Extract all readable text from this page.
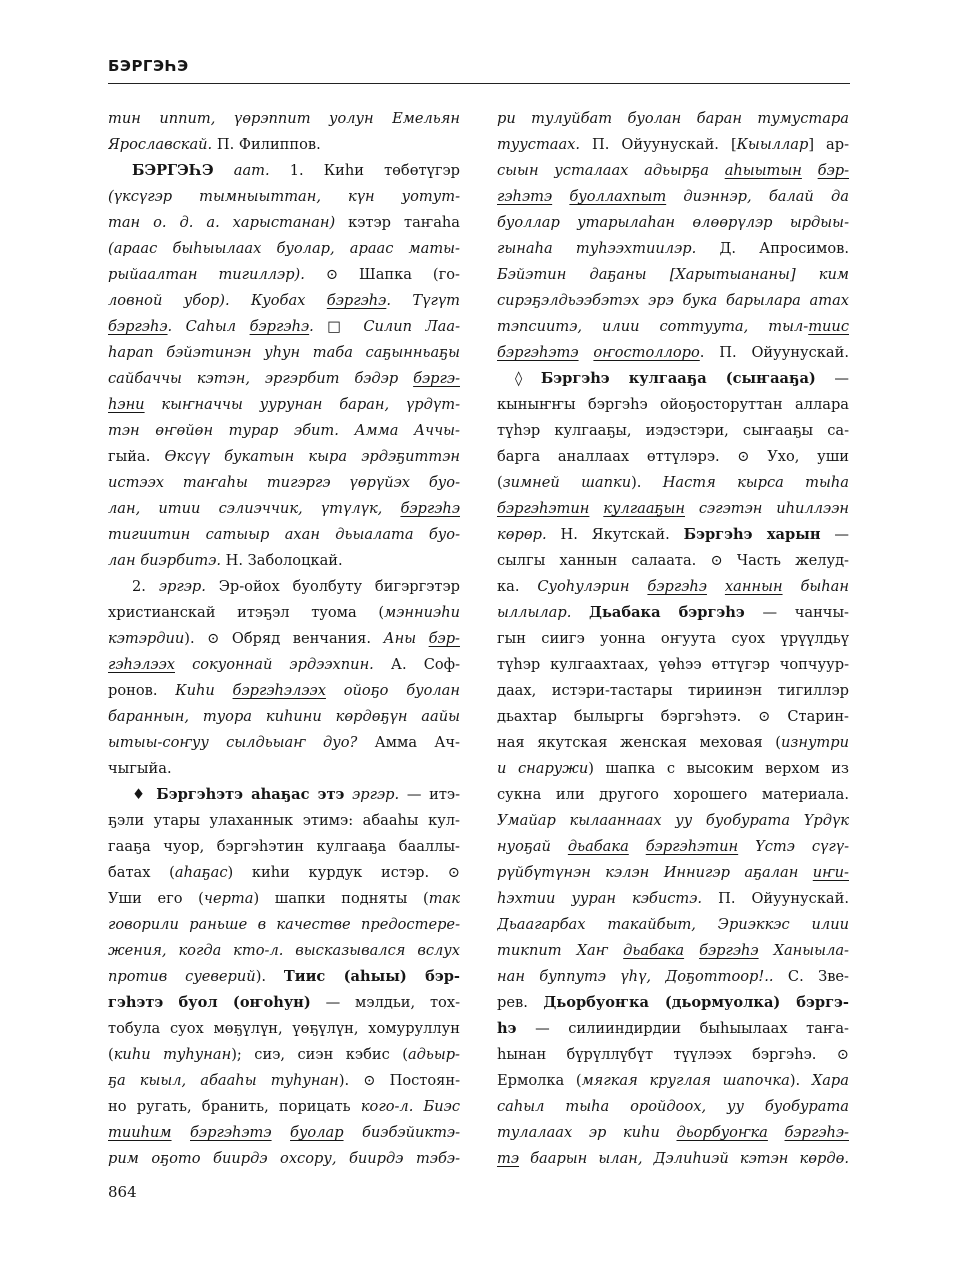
БЭРГЭҺЭ
тин иппит, үөрэппит уолун Емельян
Ярославскай. П. Филиппов.
БЭРГЭҺЭ аат. 1. Киһи төбөтүгэр
(үксүгэр тымныыттан, күн уотут-
тан о. д. а. харыстанан) кэтэр таҥаһа
(араас быһыылаах буолар, араас маты-
рыйаалтан тигиллэр). ⊙ Шапка (го-
ловной убор). Куобах бэргэһэ. Түгүт
бэргэһэ. Саһыл бэргэһэ. □ Силип Лаа-
һарап бэйэтинэн уһун таба саҕынньаҕы
сайбаччы кэтэн, эргэрбит бэдэр бэргэ-
һэни кыҥначчы уурунан баран, үрдүт-
тэн өҥөйөн турар эбит. Амма Аччы-
гыйа. Өксүү букатын кыра эрдэҕиттэн
истээх таҥаһы тигэргэ үөрүйэх буо-
лан, итии сэлиэччик, үтүлүк, бэргэһэ
тигиитин сатыыр ахан дьыалата буо-
лан биэрбитэ. Н. Заболоцкай.
2. эргэр. Эр-ойох буолбуту бигэргэтэр
христианскай итэҕэл туома (мэнниэһи
кэтэрдии). ⊙ Обряд венчания. Аны бэр-
гэһэлээх сокуоннай эрдээхпин. А. Соф-
ронов. Киһи бэргэһэлээх ойоҕо буолан
бараннын, туора киһини көрдөҕүн аайы
ытыы-соҥуу сылдьыаҥ дуо? Амма Ач-
чыгыйа.
♦ Бэргэһэтэ аһаҕас этэ эргэр. — итэ-
ҕэли утары улаханнык этимэ: абааһы кул-
гааҕа чуор, бэргэһэтин кулгааҕа бааллы-
батах (аһаҕас) киһи курдук истэр. ⊙
Уши его (черта) шапки подняты (так
говорили раньше в качестве предостере-
жения, когда кто-л. высказывался вслух
против суеверий). Тиис (аһыы) бэр-
гэһэтэ буол (оҥоһун) — мэлдьи, тох-
тобула суох мөҕүлүн, үөҕүлүн, хомуруллун
(киһи туһунан); сиэ, сиэн кэбис (адьыр-
ҕа кыыл, абааһы туһунан). ⊙ Постоян-
но ругать, бранить, порицать кого-л. Биэс
тииһим бэргэһэтэ буолар биэбэйиктэ-
рим оҕото биирдэ охсору, биирдэ тэбэ-
ри тулуйбат буолан баран тумустара
туустаах. П. Ойуунускай. [Кыыллар] ар-
сыын усталаах адьырҕа аһыытын бэр-
гэһэтэ буоллахпыт диэннэр, балай да
буоллар утарылаһан өлөөрүлэр ырдыы-
гынаһа туһээхтиилэр. Д. Апросимов.
Бэйэтин даҕаны [Харытыананы] ким
сирэҕэлдьээбэтэх эрэ бука барылара атах
тэпсиитэ, илии соттуута, тыл-тиис
бэргэһэтэ оҥостоллоро. П. Ойуунускай.
◊ Бэргэһэ кулгааҕа (сыҥааҕа) —
кыныҥҥы бэргэһэ ойоҕосторуттан аллара
түһэр кулгааҕы, иэдэстэри, сыҥааҕы са-
барга аналлаах өттүлэрэ. ⊙ Ухо, уши
(зимней шапки). Настя кырса тыһа
бэргэһэтин кулгааҕын сэгэтэн иһиллээн
көрөр. Н. Якутскай. Бэргэһэ харын —
сылгы ханнын салаата. ⊙ Часть желуд-
ка. Суоһулэрин бэргэһэ ханнын быһан
ыллылар. Дьабака бэргэһэ — чанчы-
гын сиигэ уонна оҥуута суох үрүүлдьү
түһэр кулгаахтаах, үөһээ өттүгэр чопчуур-
даах, истэри-тастары тириинэн тигиллэр
дьахтар былыргы бэргэһэтэ. ⊙ Старин-
ная якутская женская меховая (изнутри
и снаружи) шапка с высоким верхом из
сукна или другого хорошего материала.
Умайар кылааннаах уу буобурата Үрдүк
нуоҕай дьабака бэргэһэтин Үстэ сүгү-
рүйбүтүнэн кэлэн Иннигэр аҕалан иҥи-
һэхтии ууран кэбистэ. П. Ойуунускай.
Дьаагарбах такайбыт, Эриэккэс илии
тикпит Хаҥ дьабака бэргэһэ Ханыыла-
нан буппутэ үһү, Доҕоттоор!.. С. Зве-
рев. Дьорбуоҥка (дьормуолка) бэргэ-
һэ — силииндирдии быһыылаах таҥа-
һынан бүрүллүбүт түүлээх бэргэһэ. ⊙
Ермолка (мягкая круглая шапочка). Хара
саһыл тыһа оройдоох, уу буобурата
тулалаах эр киһи дьорбуоҥка бэргэһэ-
тэ баарын ылан, Дэлиһиэй кэтэн көрдө.
864
